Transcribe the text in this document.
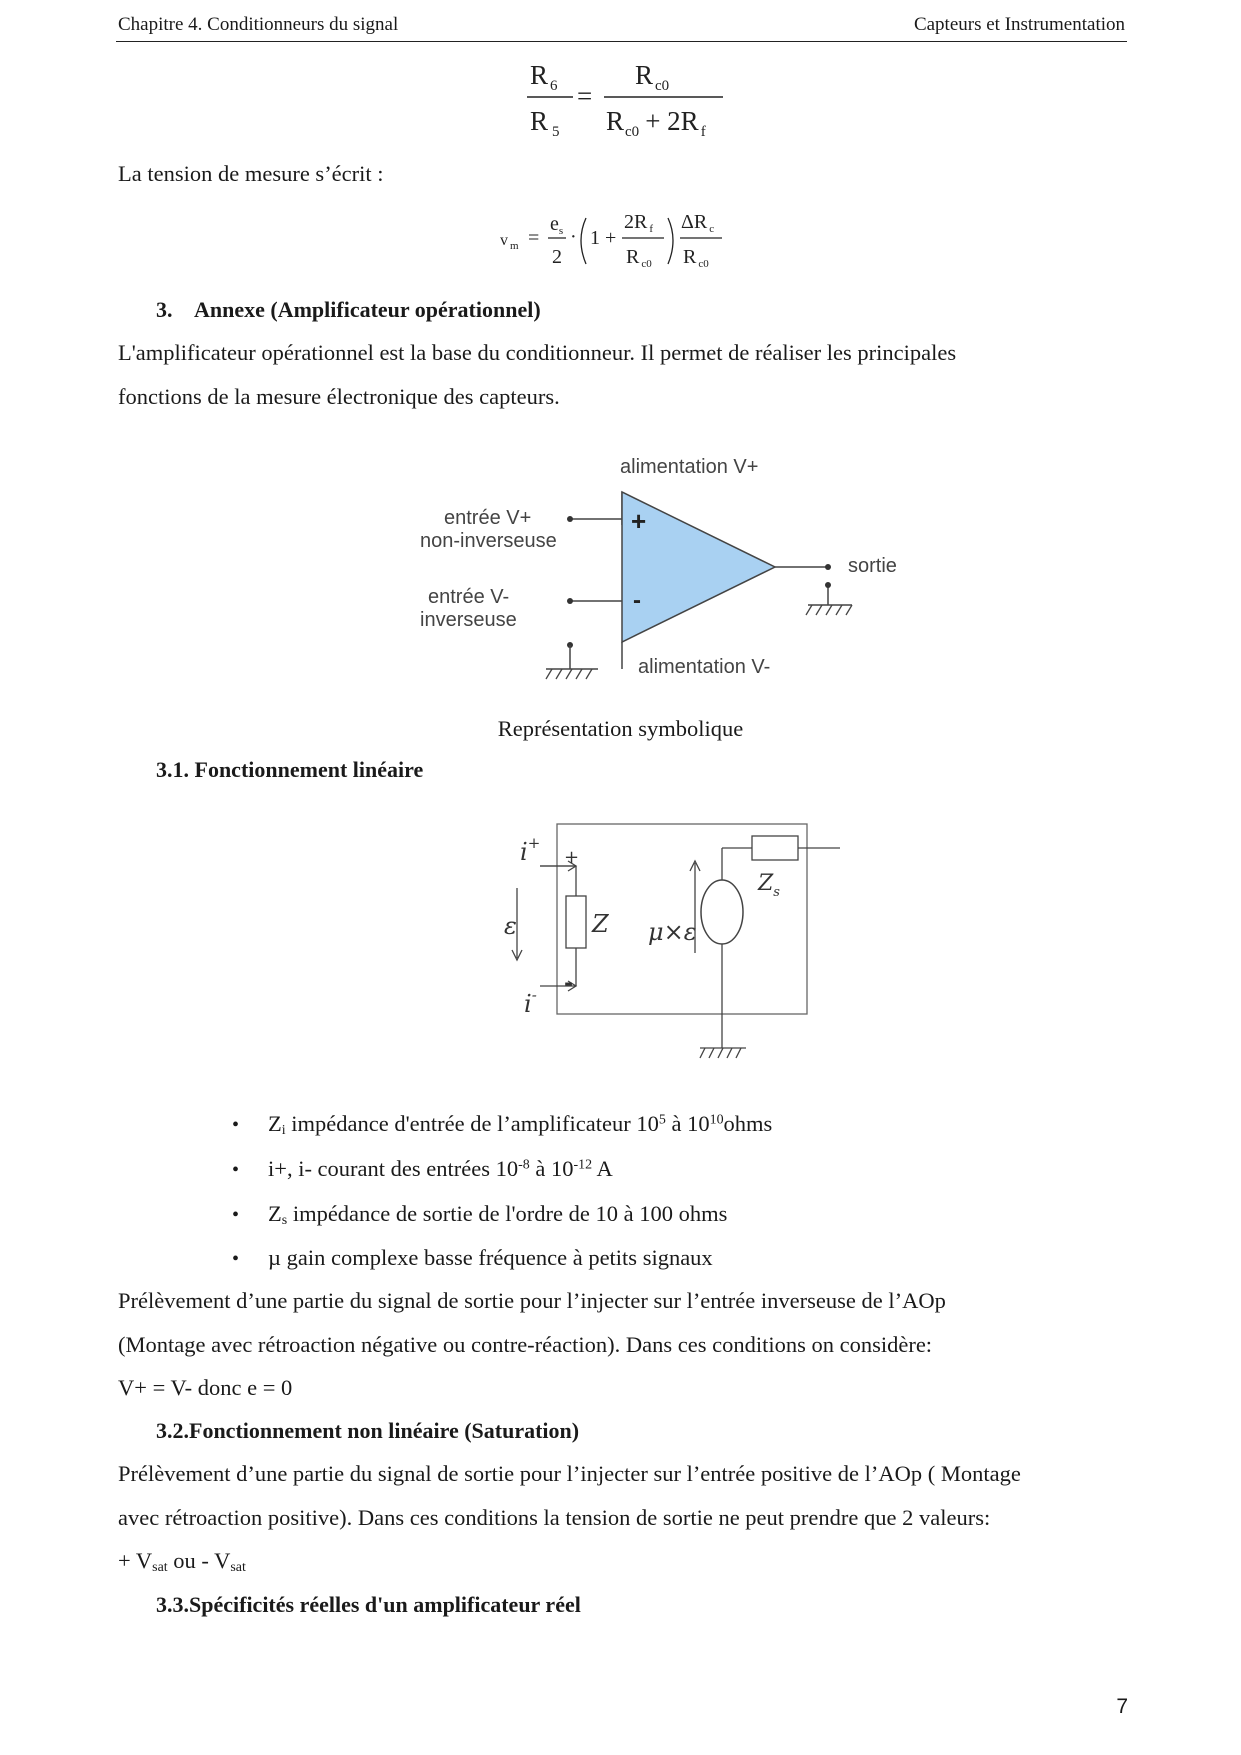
Chapitre 4. Conditionneurs du signal	Capteurs et Instrumentation
R $_6$
R $_5$
=
R $_{c0}$
$R_{c0} + 2R$ $_f$
La tension de mesure s’écrit :
v $_m$ =
$e_s$
2
· 1 +
2R $_f$
R $_{c0}$
ΔR $_c$
R $_{c0}$
3. Annexe (Amplificateur opérationnel)
L'amplificateur opérationnel est la base du conditionneur. Il permet de réaliser les principales
fonctions de la mesure électronique des capteurs.
alimentation V+
+
-
entrée V+
non-inverseuse
entrée V-
inverseuse
sortie
alimentation V-
Représentation symbolique
3.1. Fonctionnement linéaire
i+
+
Z
ε
-
i-
μ×ε
$Z_s$
• $Z_i$ impédance d'entrée de l’amplificateur $10^5$ à $10^{10}ohms$
• i+, i- courant des entrées $10^{-8}$ à $10^{-12}$ A
• $Z_s$ impédance de sortie de l'ordre de 10 à 100 ohms
• µ gain complexe basse fréquence à petits signaux
Prélèvement d’une partie du signal de sortie pour l’injecter sur l’entrée inverseuse de l’AOp
(Montage avec rétroaction négative ou contre-réaction). Dans ces conditions on considère:
V+ = V- donc e = 0
3.2.Fonctionnement non linéaire (Saturation)
Prélèvement d’une partie du signal de sortie pour l’injecter sur l’entrée positive de l’AOp ( Montage
avec rétroaction positive). Dans ces conditions la tension de sortie ne peut prendre que 2 valeurs:
+ $V_{sat}$ ou - $V_{sat}$
3.3.Spécificités réelles d'un amplificateur réel
7
